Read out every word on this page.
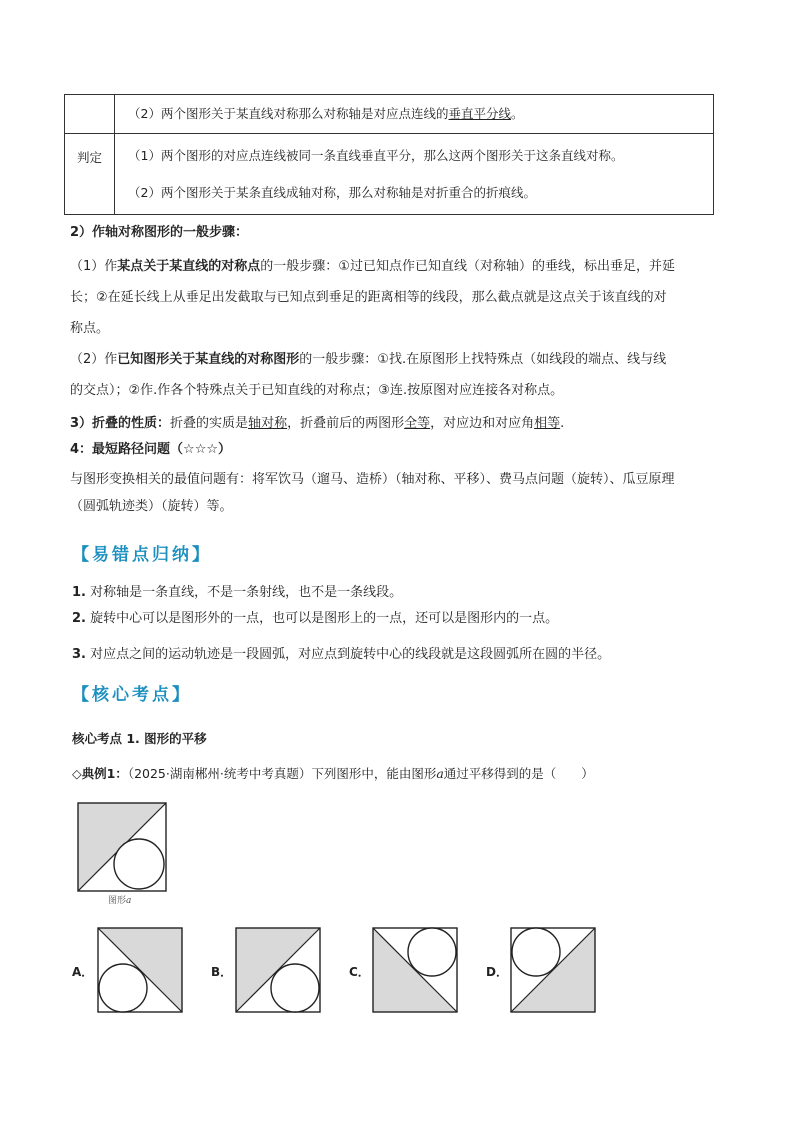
（2）两个图形关于某直线对称那么对称轴是对应点连线的垂直平分线。
判定 （1）两个图形的对应点连线被同一条直线垂直平分，那么这两个图形关于这条直线对称。
（2）两个图形关于某条直线成轴对称，那么对称轴是对折重合的折痕线。
2）作轴对称图形的一般步骤：
（1）作某点关于某直线的对称点的一般步骤：①过已知点作已知直线（对称轴）的垂线，标出垂足，并延
长；②在延长线上从垂足出发截取与已知点到垂足的距离相等的线段，那么截点就是这点关于该直线的对
称点。
（2）作已知图形关于某直线的对称图形的一般步骤：①找.在原图形上找特殊点（如线段的端点、线与线
的交点）；②作.作各个特殊点关于已知直线的对称点；③连.按原图对应连接各对称点。
3）折叠的性质：折叠的实质是轴对称，折叠前后的两图形全等，对应边和对应角相等.
4：最短路径问题（☆☆☆）
与图形变换相关的最值问题有：将军饮马（遛马、造桥）（轴对称、平移）、费马点问题（旋转）、瓜豆原理
（圆弧轨迹类）（旋转）等。
【易错点归纳】
1. 对称轴是一条直线，不是一条射线，也不是一条线段。
2. 旋转中心可以是图形外的一点，也可以是图形上的一点，还可以是图形内的一点。
3. 对应点之间的运动轨迹是一段圆弧，对应点到旋转中心的线段就是这段圆弧所在圆的半径。
【核心考点】
核心考点 1. 图形的平移
◇典例1：（2025·湖南郴州·统考中考真题）下列图形中，能由图形a通过平移得到的是（　　）
图形a
A．	B．	C．	D．
